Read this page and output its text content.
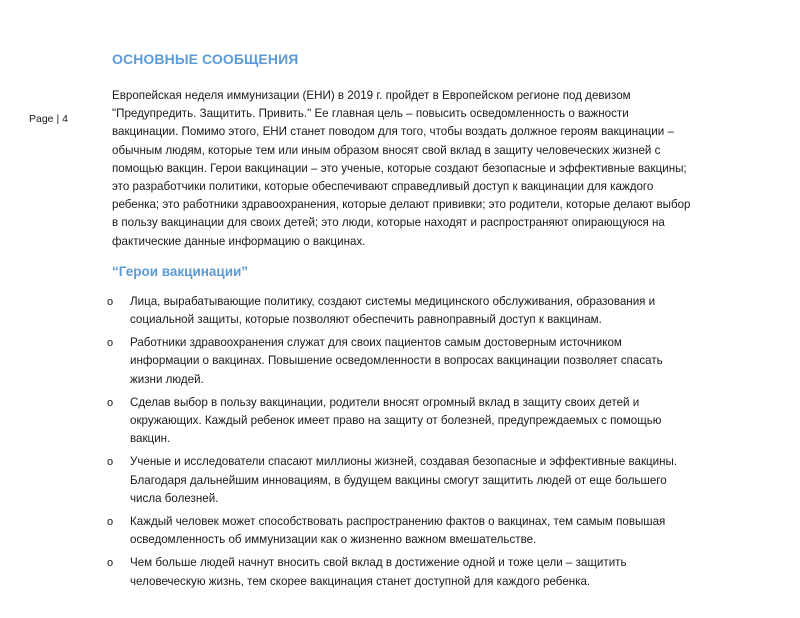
Page | 4
ОСНОВНЫЕ СООБЩЕНИЯ

Европейская неделя иммунизации (ЕНИ) в 2019 г. пройдет в Европейском регионе под девизом "Предупредить. Защитить. Привить." Ее главная цель – повысить осведомленность о важности вакцинации. Помимо этого, ЕНИ станет поводом для того, чтобы воздать должное героям вакцинации – обычным людям, которые тем или иным образом вносят свой вклад в защиту человеческих жизней с помощью вакцин. Герои вакцинации – это ученые, которые создают безопасные и эффективные вакцины; это разработчики политики, которые обеспечивают справедливый доступ к вакцинации для каждого ребенка; это работники здравоохранения, которые делают прививки; это родители, которые делают выбор в пользу вакцинации для своих детей; это люди, которые находят и распространяют опирающуюся на фактические данные информацию о вакцинах.

“Герои вакцинации”
o Лица, вырабатывающие политику, создают системы медицинского обслуживания, образования и социальной защиты, которые позволяют обеспечить равноправный доступ к вакцинам.
o Работники здравоохранения служат для своих пациентов самым достоверным источником информации о вакцинах. Повышение осведомленности в вопросах вакцинации позволяет спасать жизни людей.
o Сделав выбор в пользу вакцинации, родители вносят огромный вклад в защиту своих детей и окружающих. Каждый ребенок имеет право на защиту от болезней, предупреждаемых с помощью вакцин.
o Ученые и исследователи спасают миллионы жизней, создавая безопасные и эффективные вакцины. Благодаря дальнейшим инновациям, в будущем вакцины смогут защитить людей от еще большего числа болезней.
o Каждый человек может способствовать распространению фактов о вакцинах, тем самым повышая осведомленность об иммунизации как о жизненно важном вмешательстве.
o Чем больше людей начнут вносить свой вклад в достижение одной и тоже цели – защитить человеческую жизнь, тем скорее вакцинация станет доступной для каждого ребенка.
